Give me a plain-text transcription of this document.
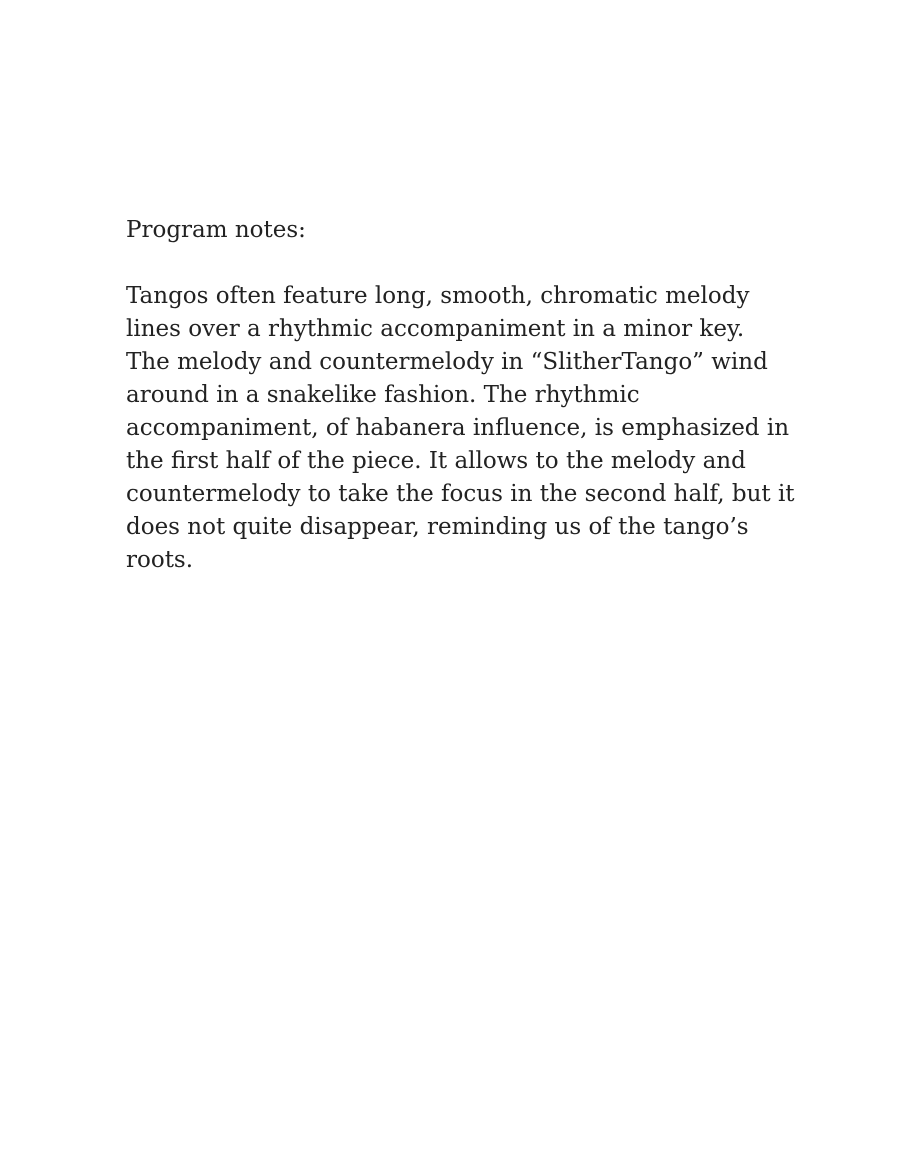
Program notes:
Tangos often feature long, smooth, chromatic melody
lines over a rhythmic accompaniment in a minor key.
The melody and countermelody in “SlitherTango” wind
around in a snakelike fashion. The rhythmic
accompaniment, of habanera influence, is emphasized in
the first half of the piece. It allows to the melody and
countermelody to take the focus in the second half, but it
does not quite disappear, reminding us of the tango’s
roots.
